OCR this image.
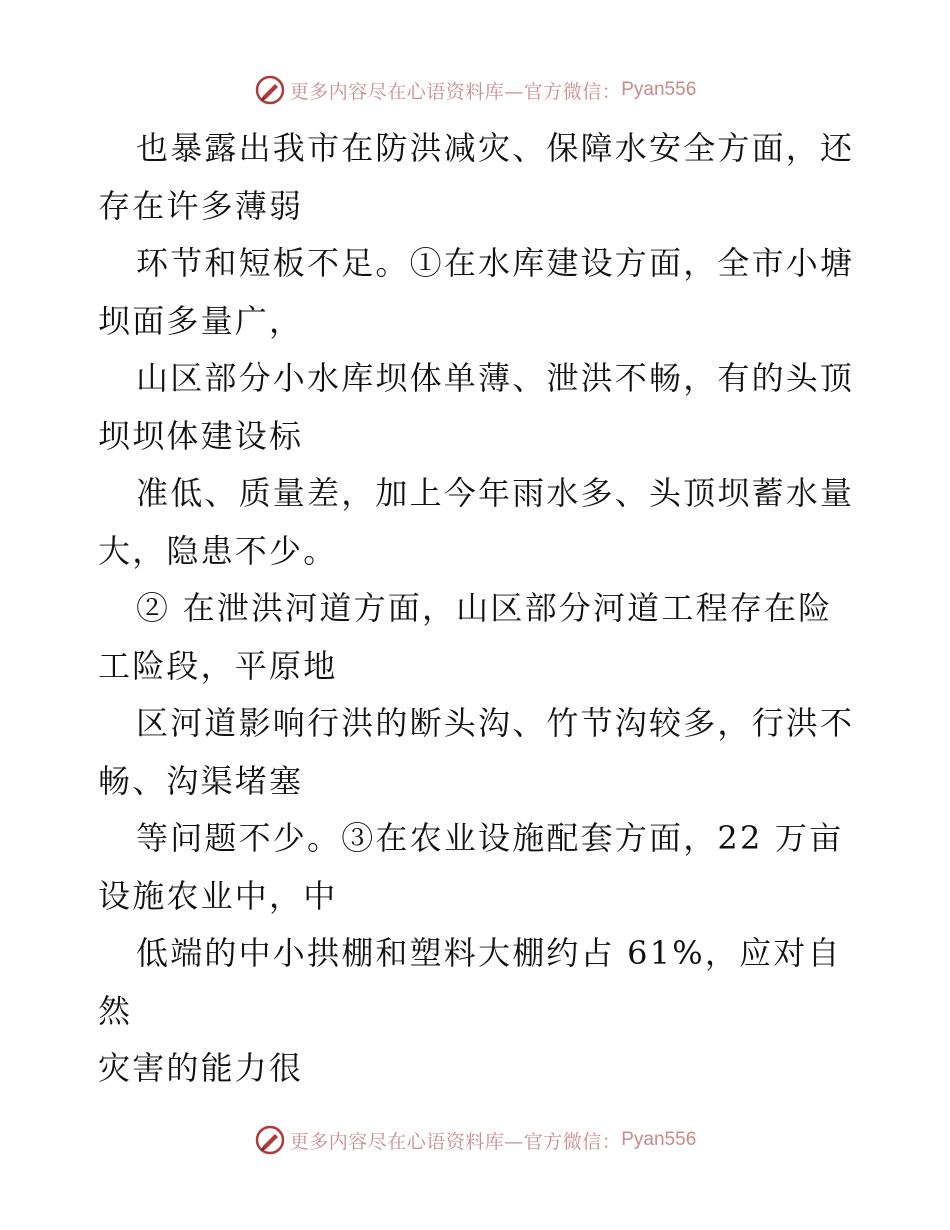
更多内容尽在心语资料库—官方微信： Pyan556

也暴露出我市在防洪减灾、保障水安全方面，还
存在许多薄弱

环节和短板不足。①在水库建设方面，全市小塘
坝面多量广，

山区部分小水库坝体单薄、泄洪不畅，有的头顶
坝坝体建设标

准低、质量差，加上今年雨水多、头顶坝蓄水量
大，隐患不少。

② 在泄洪河道方面，山区部分河道工程存在险
工险段，平原地

区河道影响行洪的断头沟、竹节沟较多，行洪不
畅、沟渠堵塞

等问题不少。③在农业设施配套方面，22 万亩
设施农业中，中

低端的中小拱棚和塑料大棚约占 61%，应对自然
灾害的能力很

更多内容尽在心语资料库—官方微信： Pyan556
